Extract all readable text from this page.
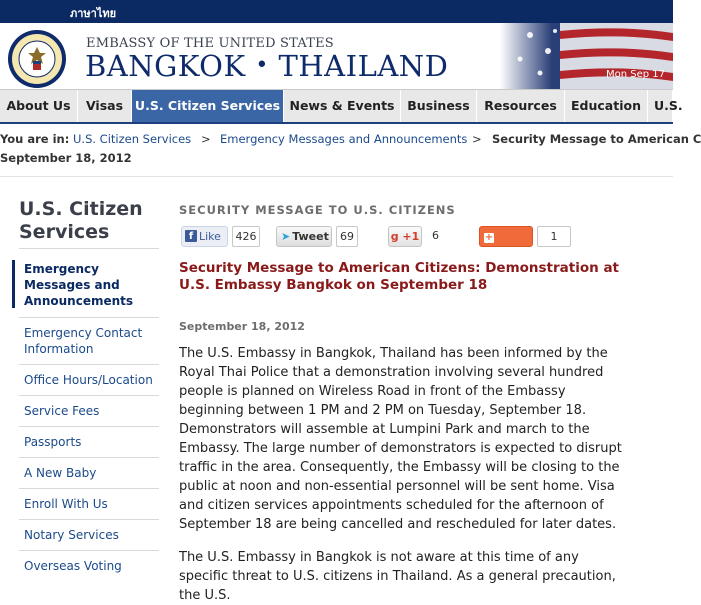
ภาษาไทย
EMBASSY OF THE UNITED STATES
BANGKOK • THAILAND	Mon Sep 17
About Us	Visas U.S. Citizen Services News & Events	Business	Resources	Education	U.S.
You are in: U.S. Citizen Services > Emergency Messages and Announcements > Security Message to American C
September 18, 2012
U.S. Citizen Services
Emergency Messages and Announcements
Emergency Contact Information
Office Hours/Location
Service Fees
Passports
A New Baby
Enroll With Us
Notary Services
Overseas Voting
SECURITY MESSAGE TO U.S. CITIZENS
f Like	426	➤ Tweet	69	g +1	6	+Share
1
Security Message to American Citizens: Demonstration at U.S. Embassy Bangkok on September 18
September 18, 2012
The U.S. Embassy in Bangkok, Thailand has been informed by the Royal Thai Police that a demonstration involving several hundred people is planned on Wireless Road in front of the Embassy beginning between 1 PM and 2 PM on Tuesday, September 18. Demonstrators will assemble at Lumpini Park and march to the Embassy. The large number of demonstrators is expected to disrupt traffic in the area. Consequently, the Embassy will be closing to the public at noon and non-essential personnel will be sent home. Visa and citizen services appointments scheduled for the afternoon of September 18 are being cancelled and rescheduled for later dates.
The U.S. Embassy in Bangkok is not aware at this time of any specific threat to U.S. citizens in Thailand. As a general precaution, the U.S.
